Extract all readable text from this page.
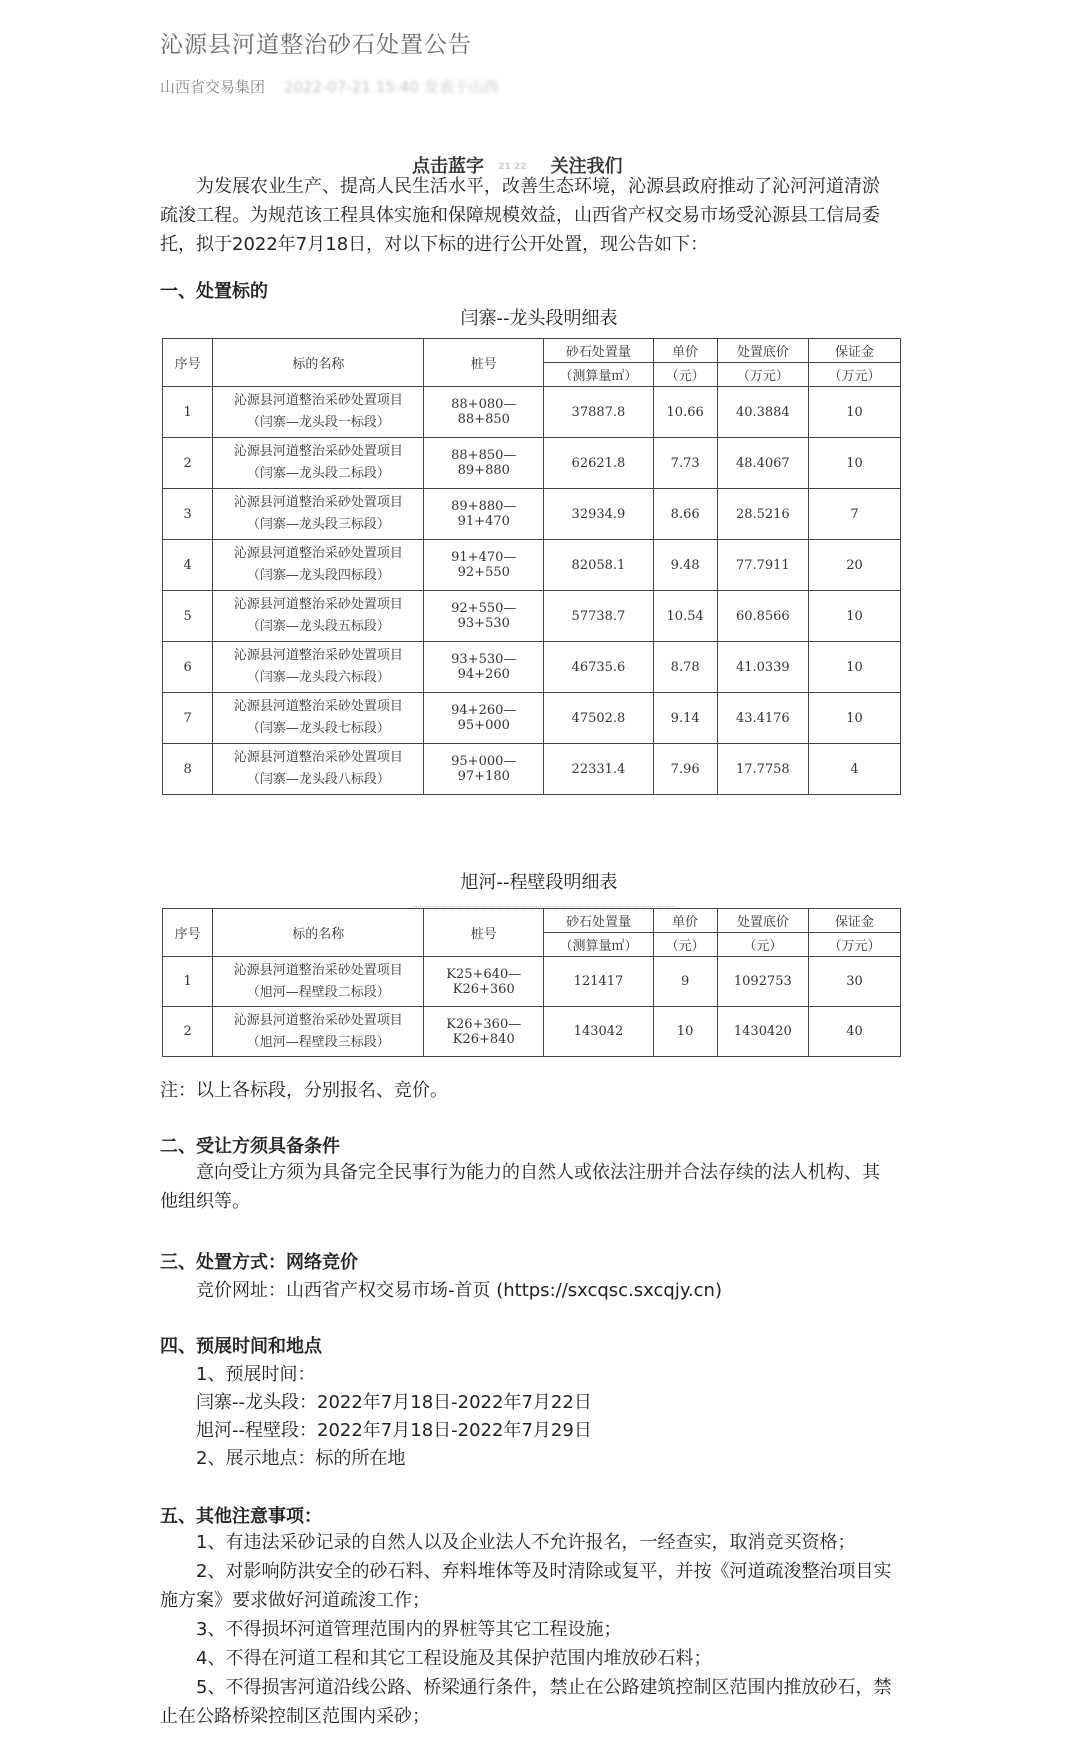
沁源县河道整治砂石处置公告
山西省交易集团 2022-07-21 15:40 发表于山西
点击蓝字 21 22 关注我们
为发展农业生产、提高人民生活水平，改善生态环境，沁源县政府推动了沁河河道清淤
疏浚工程。为规范该工程具体实施和保障规模效益，山西省产权交易市场受沁源县工信局委
托，拟于2022年7月18日，对以下标的进行公开处置，现公告如下：
一、处置标的
闫寨--龙头段明细表
序号	标的名称	桩号	砂石处置量	单价	处置底价	保证金
			（测算量㎥）	（元）	（万元）	（万元）
1	沁源县河道整治采砂处置项目
（闫寨—龙头段一标段）	88+080—88+850	37887.8	10.66	40.3884	10
2	沁源县河道整治采砂处置项目
（闫寨—龙头段二标段）	88+850—89+880	62621.8	7.73	48.4067	10
3	沁源县河道整治采砂处置项目
（闫寨—龙头段三标段）	89+880—91+470	32934.9	8.66	28.5216	7
4	沁源县河道整治采砂处置项目
（闫寨—龙头段四标段）	91+470—92+550	82058.1	9.48	77.7911	20
5	沁源县河道整治采砂处置项目
（闫寨—龙头段五标段）	92+550—93+530	57738.7	10.54	60.8566	10
6	沁源县河道整治采砂处置项目
（闫寨—龙头段六标段）	93+530—94+260	46735.6	8.78	41.0339	10
7	沁源县河道整治采砂处置项目
（闫寨—龙头段七标段）	94+260—95+000	47502.8	9.14	43.4176	10
8	沁源县河道整治采砂处置项目
（闫寨—龙头段八标段）	95+000—97+180	22331.4	7.96	17.7758	4
旭河--程壁段明细表
序号	标的名称	桩号	砂石处置量	单价	处置底价	保证金
			（测算量㎥）	（元）	（元）	（万元）
1	沁源县河道整治采砂处置项目
（旭河—程壁段二标段）	K25+640—K26+360	121417	9	1092753	30
2	沁源县河道整治采砂处置项目
（旭河—程壁段三标段）	K26+360—K26+840	143042	10	1430420	40
注：以上各标段，分别报名、竞价。
二、受让方须具备条件
意向受让方须为具备完全民事行为能力的自然人或依法注册并合法存续的法人机构、其
他组织等。
三、处置方式：网络竞价
竞价网址：山西省产权交易市场-首页 (https://sxcqsc.sxcqjy.cn)
四、预展时间和地点
1、预展时间：
闫寨--龙头段：2022年7月18日-2022年7月22日
旭河--程壁段：2022年7月18日-2022年7月29日
2、展示地点：标的所在地
五、其他注意事项：
1、有违法采砂记录的自然人以及企业法人不允许报名，一经查实，取消竞买资格；
2、对影响防洪安全的砂石料、弃料堆体等及时清除或复平，并按《河道疏浚整治项目实
施方案》要求做好河道疏浚工作；
3、不得损坏河道管理范围内的界桩等其它工程设施；
4、不得在河道工程和其它工程设施及其保护范围内堆放砂石料；
5、不得损害河道沿线公路、桥梁通行条件，禁止在公路建筑控制区范围内推放砂石，禁
止在公路桥梁控制区范围内采砂；
